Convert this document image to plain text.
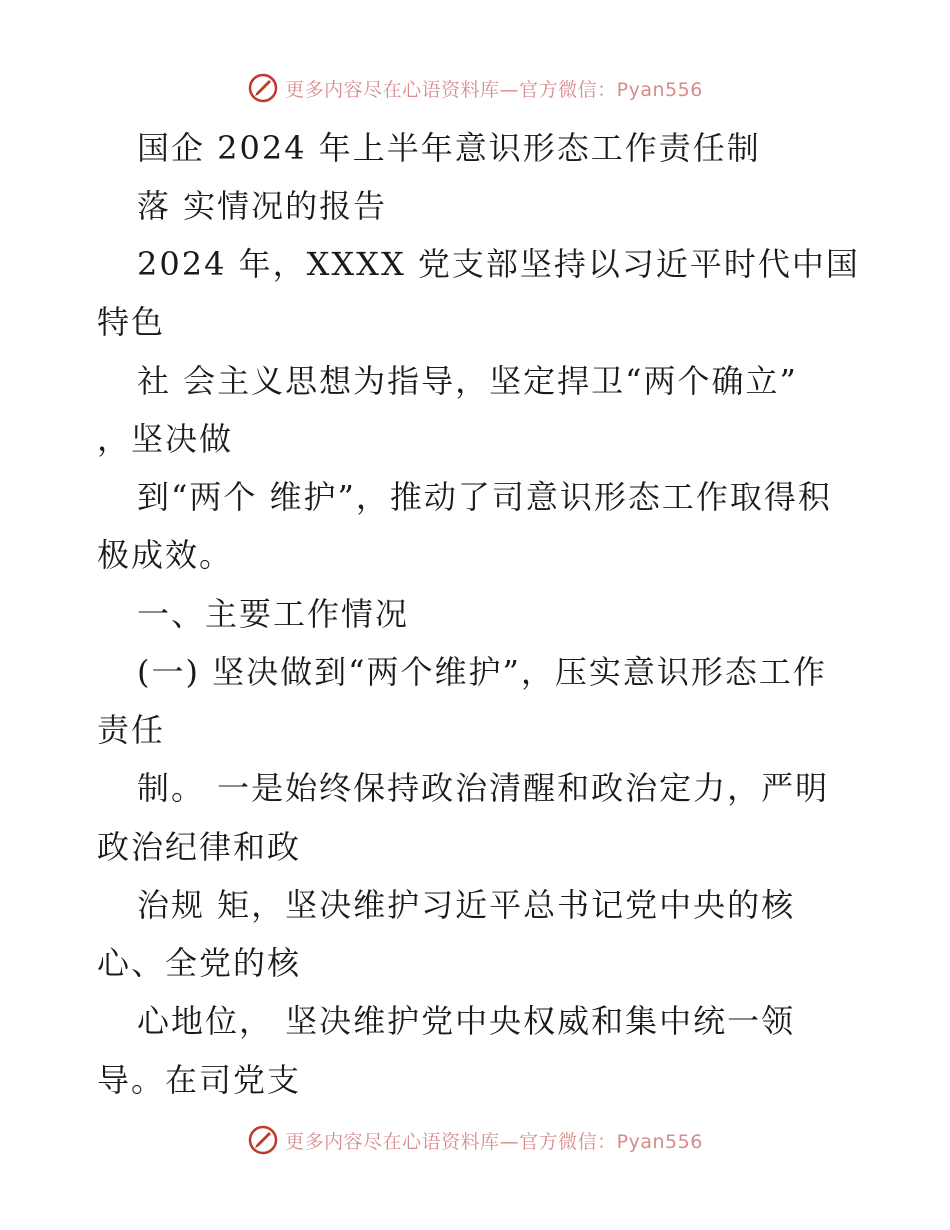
更多内容尽在心语资料库—官方微信：Pyan556
国企 2024 年上半年意识形态工作责任制
落 实情况的报告
2024 年，XXXX 党支部坚持以习近平时代中国
特色
社 会主义思想为指导，坚定捍卫“两个确立”
，坚决做
到“两个 维护”，推动了司意识形态工作取得积
极成效。
一、主要工作情况
(一) 坚决做到“两个维护”，压实意识形态工作
责任
制。 一是始终保持政治清醒和政治定力，严明
政治纪律和政
治规 矩，坚决维护习近平总书记党中央的核
心、全党的核
心地位， 坚决维护党中央权威和集中统一领
导。在司党支
更多内容尽在心语资料库—官方微信：Pyan556
